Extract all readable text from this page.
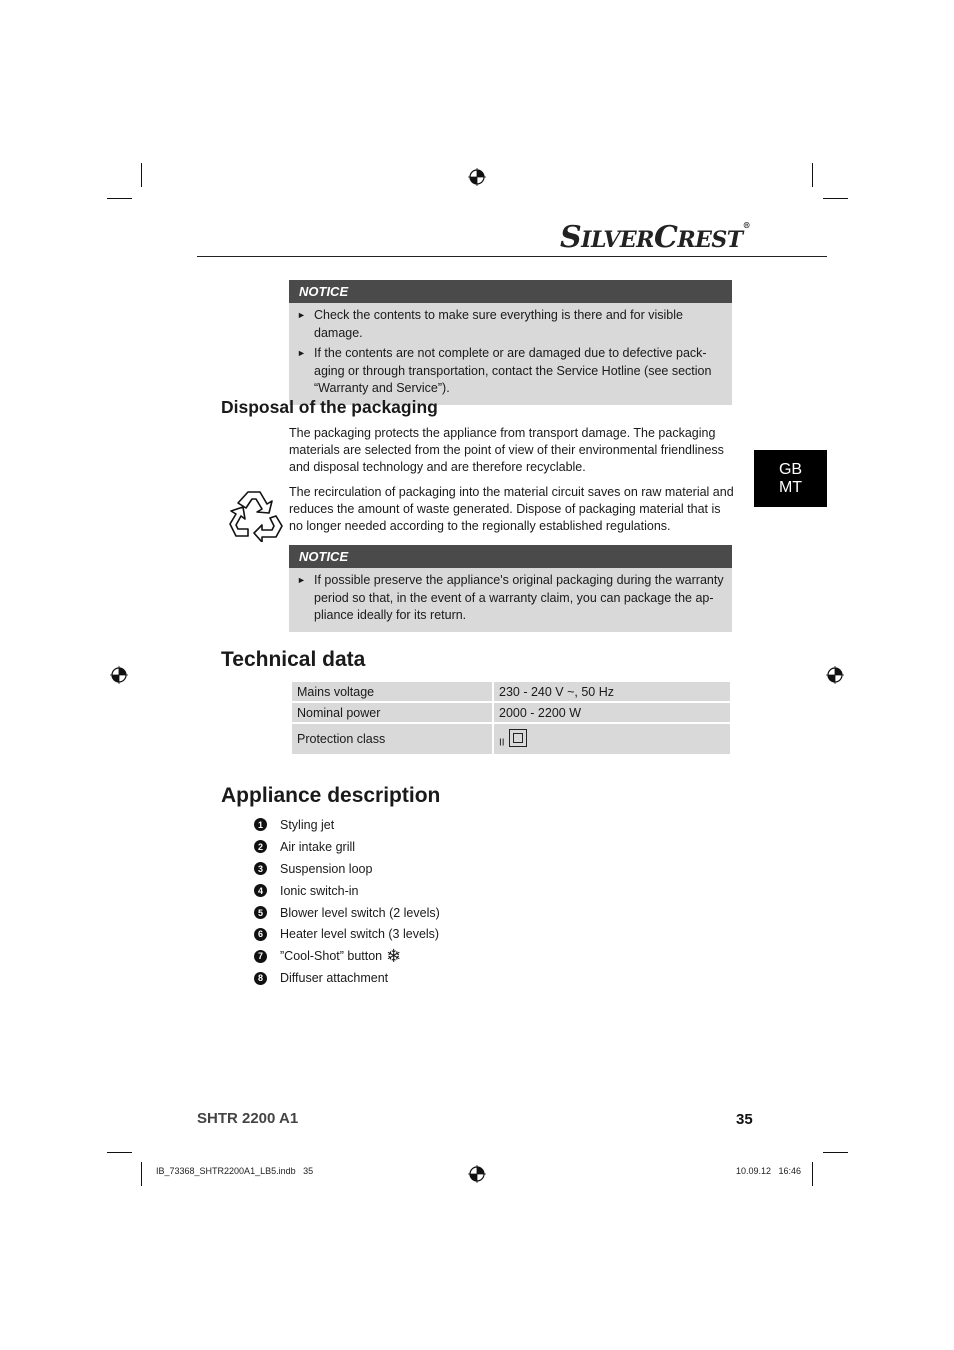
SILVERCREST®
GB
MT
NOTICE
► Check the contents to make sure everything is there and for visible damage.
► If the contents are not complete or are damaged due to defective pack-aging or through transportation, contact the Service Hotline (see section “Warranty and Service”).
Disposal of the packaging
The packaging protects the appliance from transport damage. The packaging materials are selected from the point of view of their environmental friendliness and disposal technology and are therefore recyclable.
The recirculation of packaging into the material circuit saves on raw material and reduces the amount of waste generated. Dispose of packaging material that is no longer needed according to the regionally established regulations.
NOTICE
► If possible preserve the appliance's original packaging during the warranty period so that, in the event of a warranty claim, you can package the ap-pliance ideally for its return.
Technical data
Mains voltage	230 - 240 V ~, 50 Hz
Nominal power	2000 - 2200 W
Protection class	$_{II}$
Appliance description
1	Styling jet
2	Air intake grill
3	Suspension loop
4	Ionic switch-in
5	Blower level switch (2 levels)
6	Heater level switch (3 levels)
7	”Cool-Shot” button ❄
8	Diffuser attachment
SHTR 2200 A1	35
IB_73368_SHTR2200A1_LB5.indb   35	10.09.12   16:46
